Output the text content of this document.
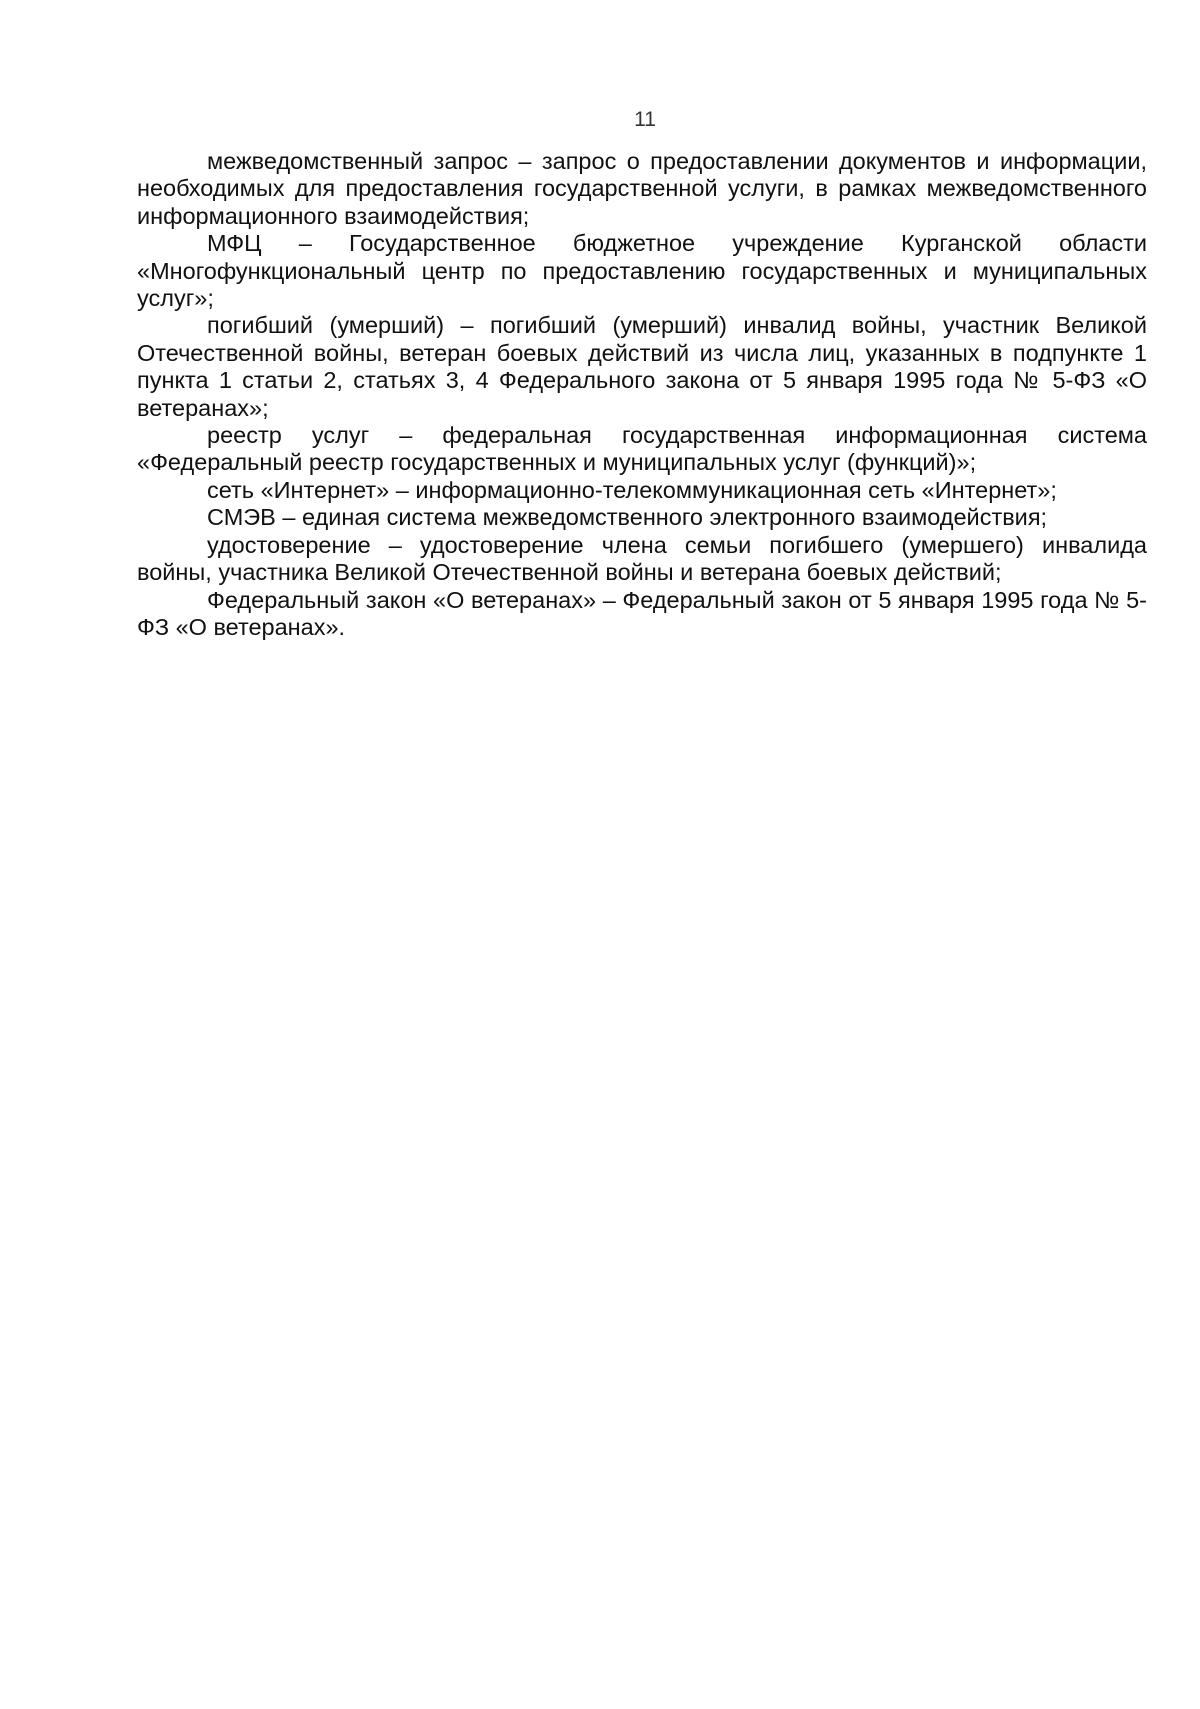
11

межведомственный запрос – запрос о предоставлении документов и информации, необходимых для предоставления государственной услуги, в рамках межведомственного информационного взаимодействия;

МФЦ – Государственное бюджетное учреждение Курганской области «Многофункциональный центр по предоставлению государственных и муниципальных услуг»;

погибший (умерший) – погибший (умерший) инвалид войны, участник Великой Отечественной войны, ветеран боевых действий из числа лиц, указанных в подпункте 1 пункта 1 статьи 2, статьях 3, 4 Федерального закона от 5 января 1995 года № 5-ФЗ «О ветеранах»;

реестр услуг – федеральная государственная информационная система «Федеральный реестр государственных и муниципальных услуг (функций)»;

сеть «Интернет» – информационно-телекоммуникационная сеть «Интернет»;

СМЭВ – единая система межведомственного электронного взаимодействия;

удостоверение – удостоверение члена семьи погибшего (умершего) инвалида войны, участника Великой Отечественной войны и ветерана боевых действий;

Федеральный закон «О ветеранах» – Федеральный закон от 5 января 1995 года № 5-ФЗ «О ветеранах».
